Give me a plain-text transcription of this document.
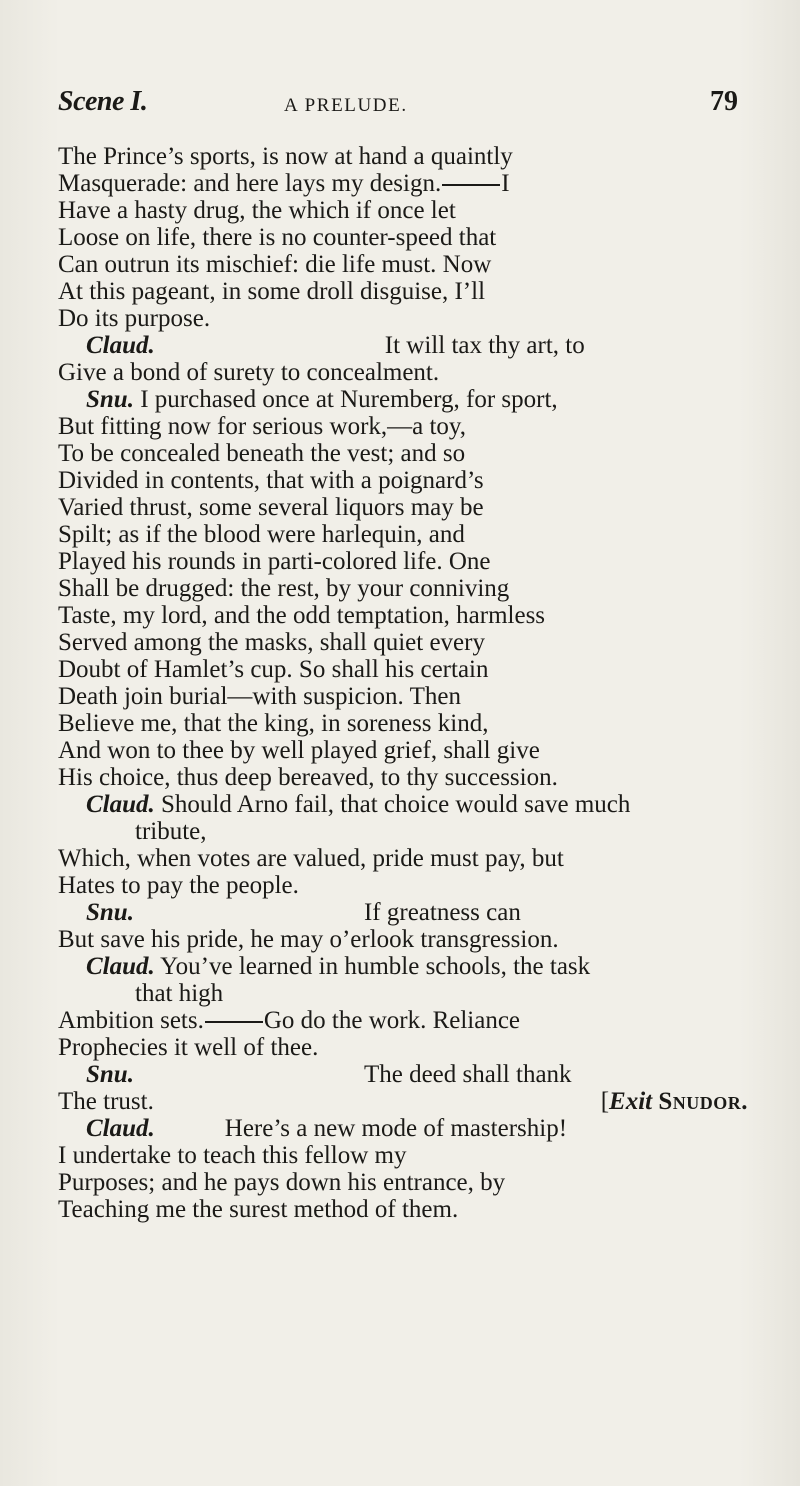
Scene I.	A PRELUDE.	79
The Prince’s sports, is now at hand a quaintly
Masquerade: and here lays my design. I
Have a hasty drug, the which if once let
Loose on life, there is no counter-speed that
Can outrun its mischief: die life must. Now
At this pageant, in some droll disguise, I’ll
Do its purpose.
Claud.	It will tax thy art, to
Give a bond of surety to concealment.
Snu. I purchased once at Nuremberg, for sport,
But fitting now for serious work,—a toy,
To be concealed beneath the vest; and so
Divided in contents, that with a poignard’s
Varied thrust, some several liquors may be
Spilt; as if the blood were harlequin, and
Played his rounds in parti-colored life. One
Shall be drugged: the rest, by your conniving
Taste, my lord, and the odd temptation, harmless
Served among the masks, shall quiet every
Doubt of Hamlet’s cup. So shall his certain
Death join burial—with suspicion. Then
Believe me, that the king, in soreness kind,
And won to thee by well played grief, shall give
His choice, thus deep bereaved, to thy succession.
Claud. Should Arno fail, that choice would save much
tribute,
Which, when votes are valued, pride must pay, but
Hates to pay the people.
Snu.	If greatness can
But save his pride, he may o’erlook transgression.
Claud. You’ve learned in humble schools, the task
that high
Ambition sets. Go do the work. Reliance
Prophecies it well of thee.
Snu.	The deed shall thank
The trust.	[Exit Snudor.
Claud.	Here’s a new mode of mastership!
I undertake to teach this fellow my
Purposes; and he pays down his entrance, by
Teaching me the surest method of them.
